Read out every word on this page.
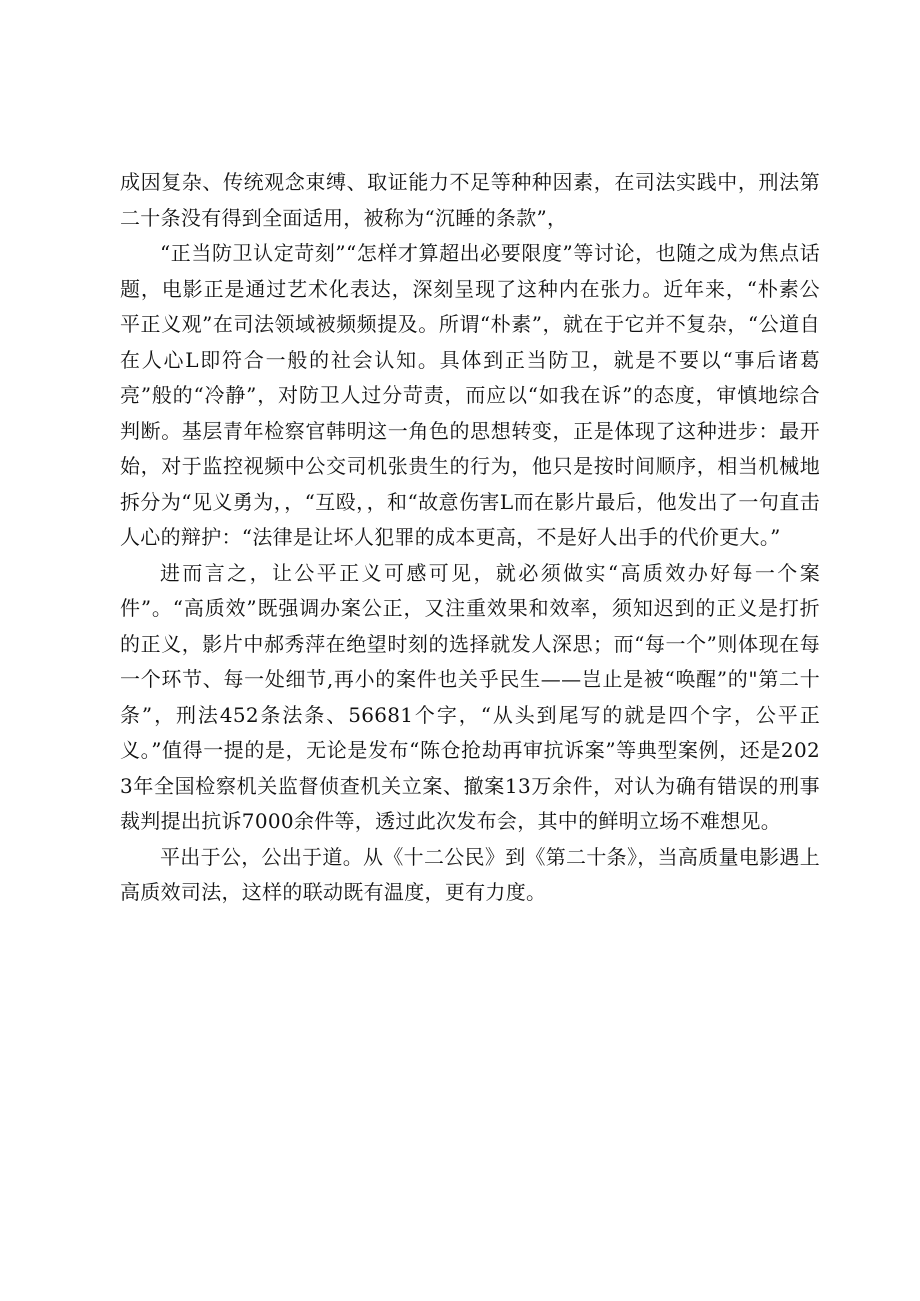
成因复杂、传统观念束缚、取证能力不足等种种因素，在司法实践中，刑法第二十条没有得到全面适用，被称为“沉睡的条款”，

“正当防卫认定苛刻”“怎样才算超出必要限度”等讨论，也随之成为焦点话题，电影正是通过艺术化表达，深刻呈现了这种内在张力。近年来，“朴素公平正义观”在司法领域被频频提及。所谓“朴素”，就在于它并不复杂，“公道自在人心L即符合一般的社会认知。具体到正当防卫，就是不要以“事后诸葛亮”般的“冷静”，对防卫人过分苛责，而应以“如我在诉”的态度，审慎地综合判断。基层青年检察官韩明这一角色的思想转变，正是体现了这种进步：最开始，对于监控视频中公交司机张贵生的行为，他只是按时间顺序，相当机械地拆分为“见义勇为，，“互殴，，和“故意伤害L而在影片最后，他发出了一句直击人心的辩护：“法律是让坏人犯罪的成本更高，不是好人出手的代价更大。”

进而言之，让公平正义可感可见，就必须做实“高质效办好每一个案件”。“高质效”既强调办案公正，又注重效果和效率，须知迟到的正义是打折的正义，影片中郝秀萍在绝望时刻的选择就发人深思；而“每一个”则体现在每一个环节、每一处细节,再小的案件也关乎民生——岂止是被“唤醒”的"第二十条”，刑法452条法条、56681个字，“从头到尾写的就是四个字，公平正义。”值得一提的是，无论是发布“陈仓抢劫再审抗诉案”等典型案例，还是2023年全国检察机关监督侦查机关立案、撤案13万余件，对认为确有错误的刑事裁判提出抗诉7000余件等，透过此次发布会，其中的鲜明立场不难想见。

平出于公，公出于道。从《十二公民》到《第二十条》，当高质量电影遇上高质效司法，这样的联动既有温度，更有力度。
